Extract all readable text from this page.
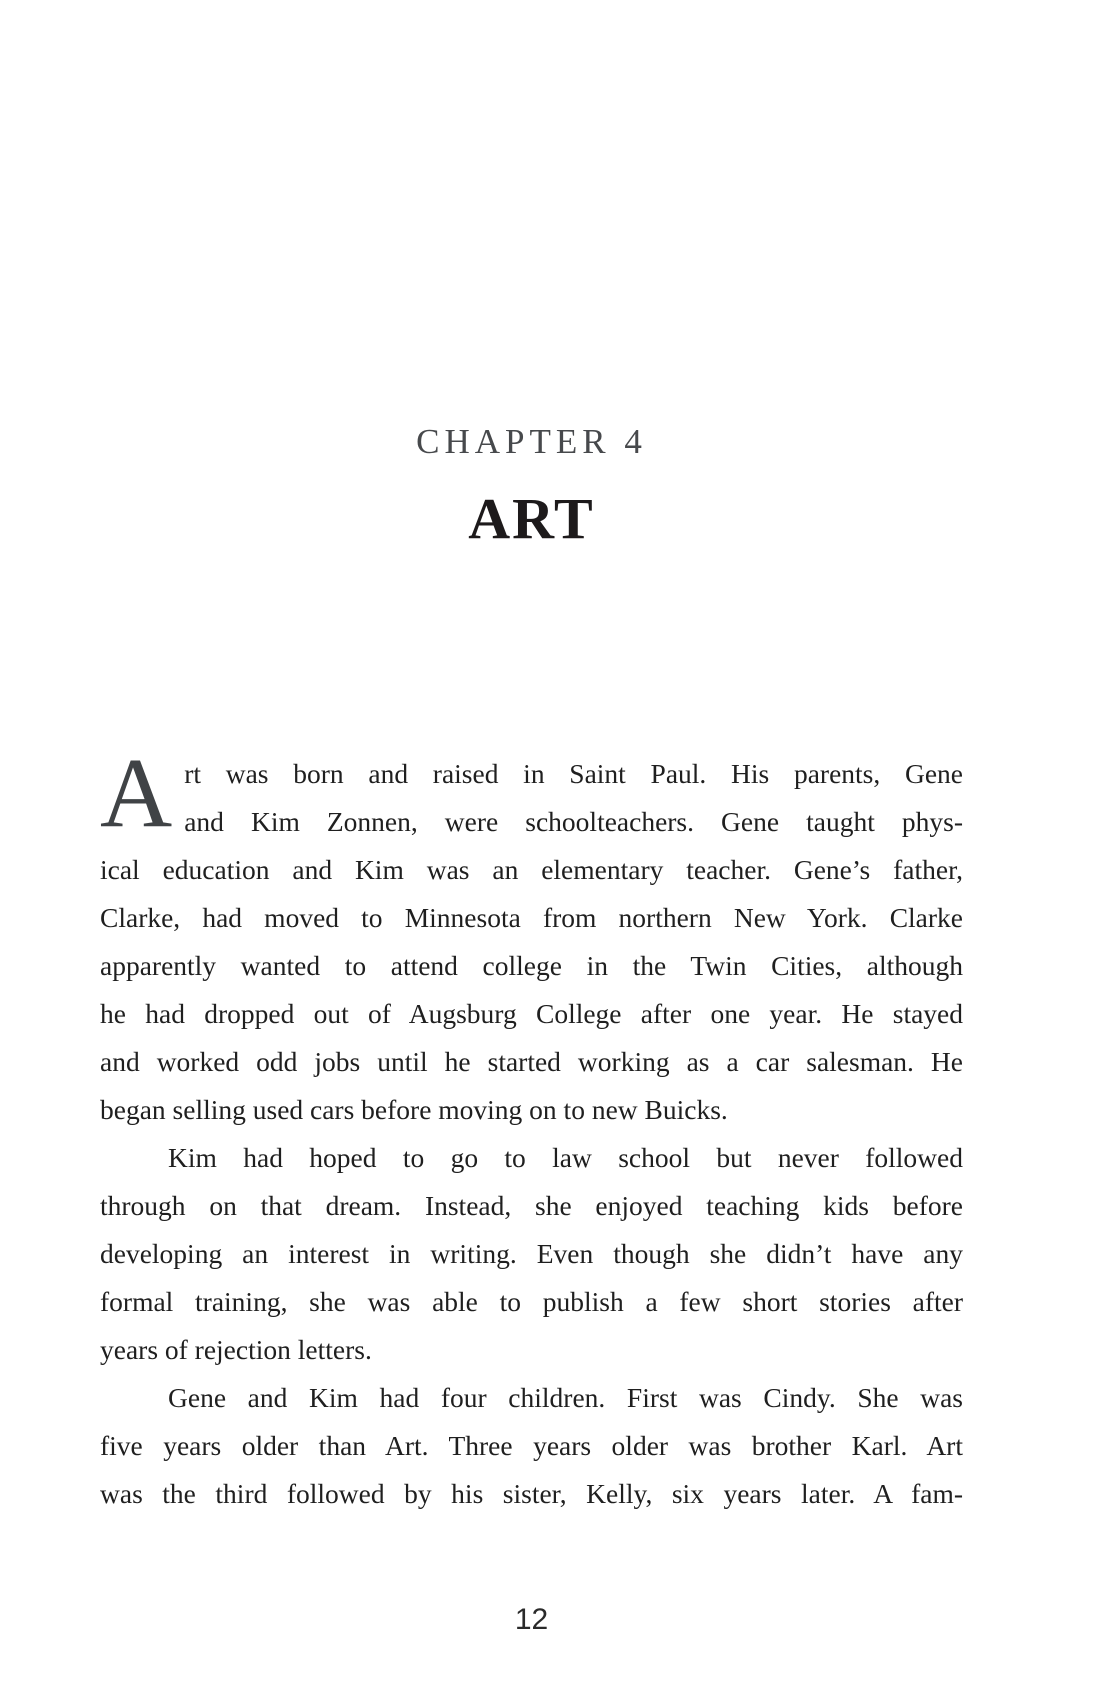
CHAPTER 4
ART
A rt was born and raised in Saint Paul. His parents, Gene
and Kim Zonnen, were schoolteachers. Gene taught phys-
ical education and Kim was an elementary teacher. Gene’s father,
Clarke, had moved to Minnesota from northern New York. Clarke
apparently wanted to attend college in the Twin Cities, although
he had dropped out of Augsburg College after one year. He stayed
and worked odd jobs until he started working as a car salesman. He
began selling used cars before moving on to new Buicks.
Kim had hoped to go to law school but never followed
through on that dream. Instead, she enjoyed teaching kids before
developing an interest in writing. Even though she didn’t have any
formal training, she was able to publish a few short stories after
years of rejection letters.
Gene and Kim had four children. First was Cindy. She was
five years older than Art. Three years older was brother Karl. Art
was the third followed by his sister, Kelly, six years later. A fam-
12
